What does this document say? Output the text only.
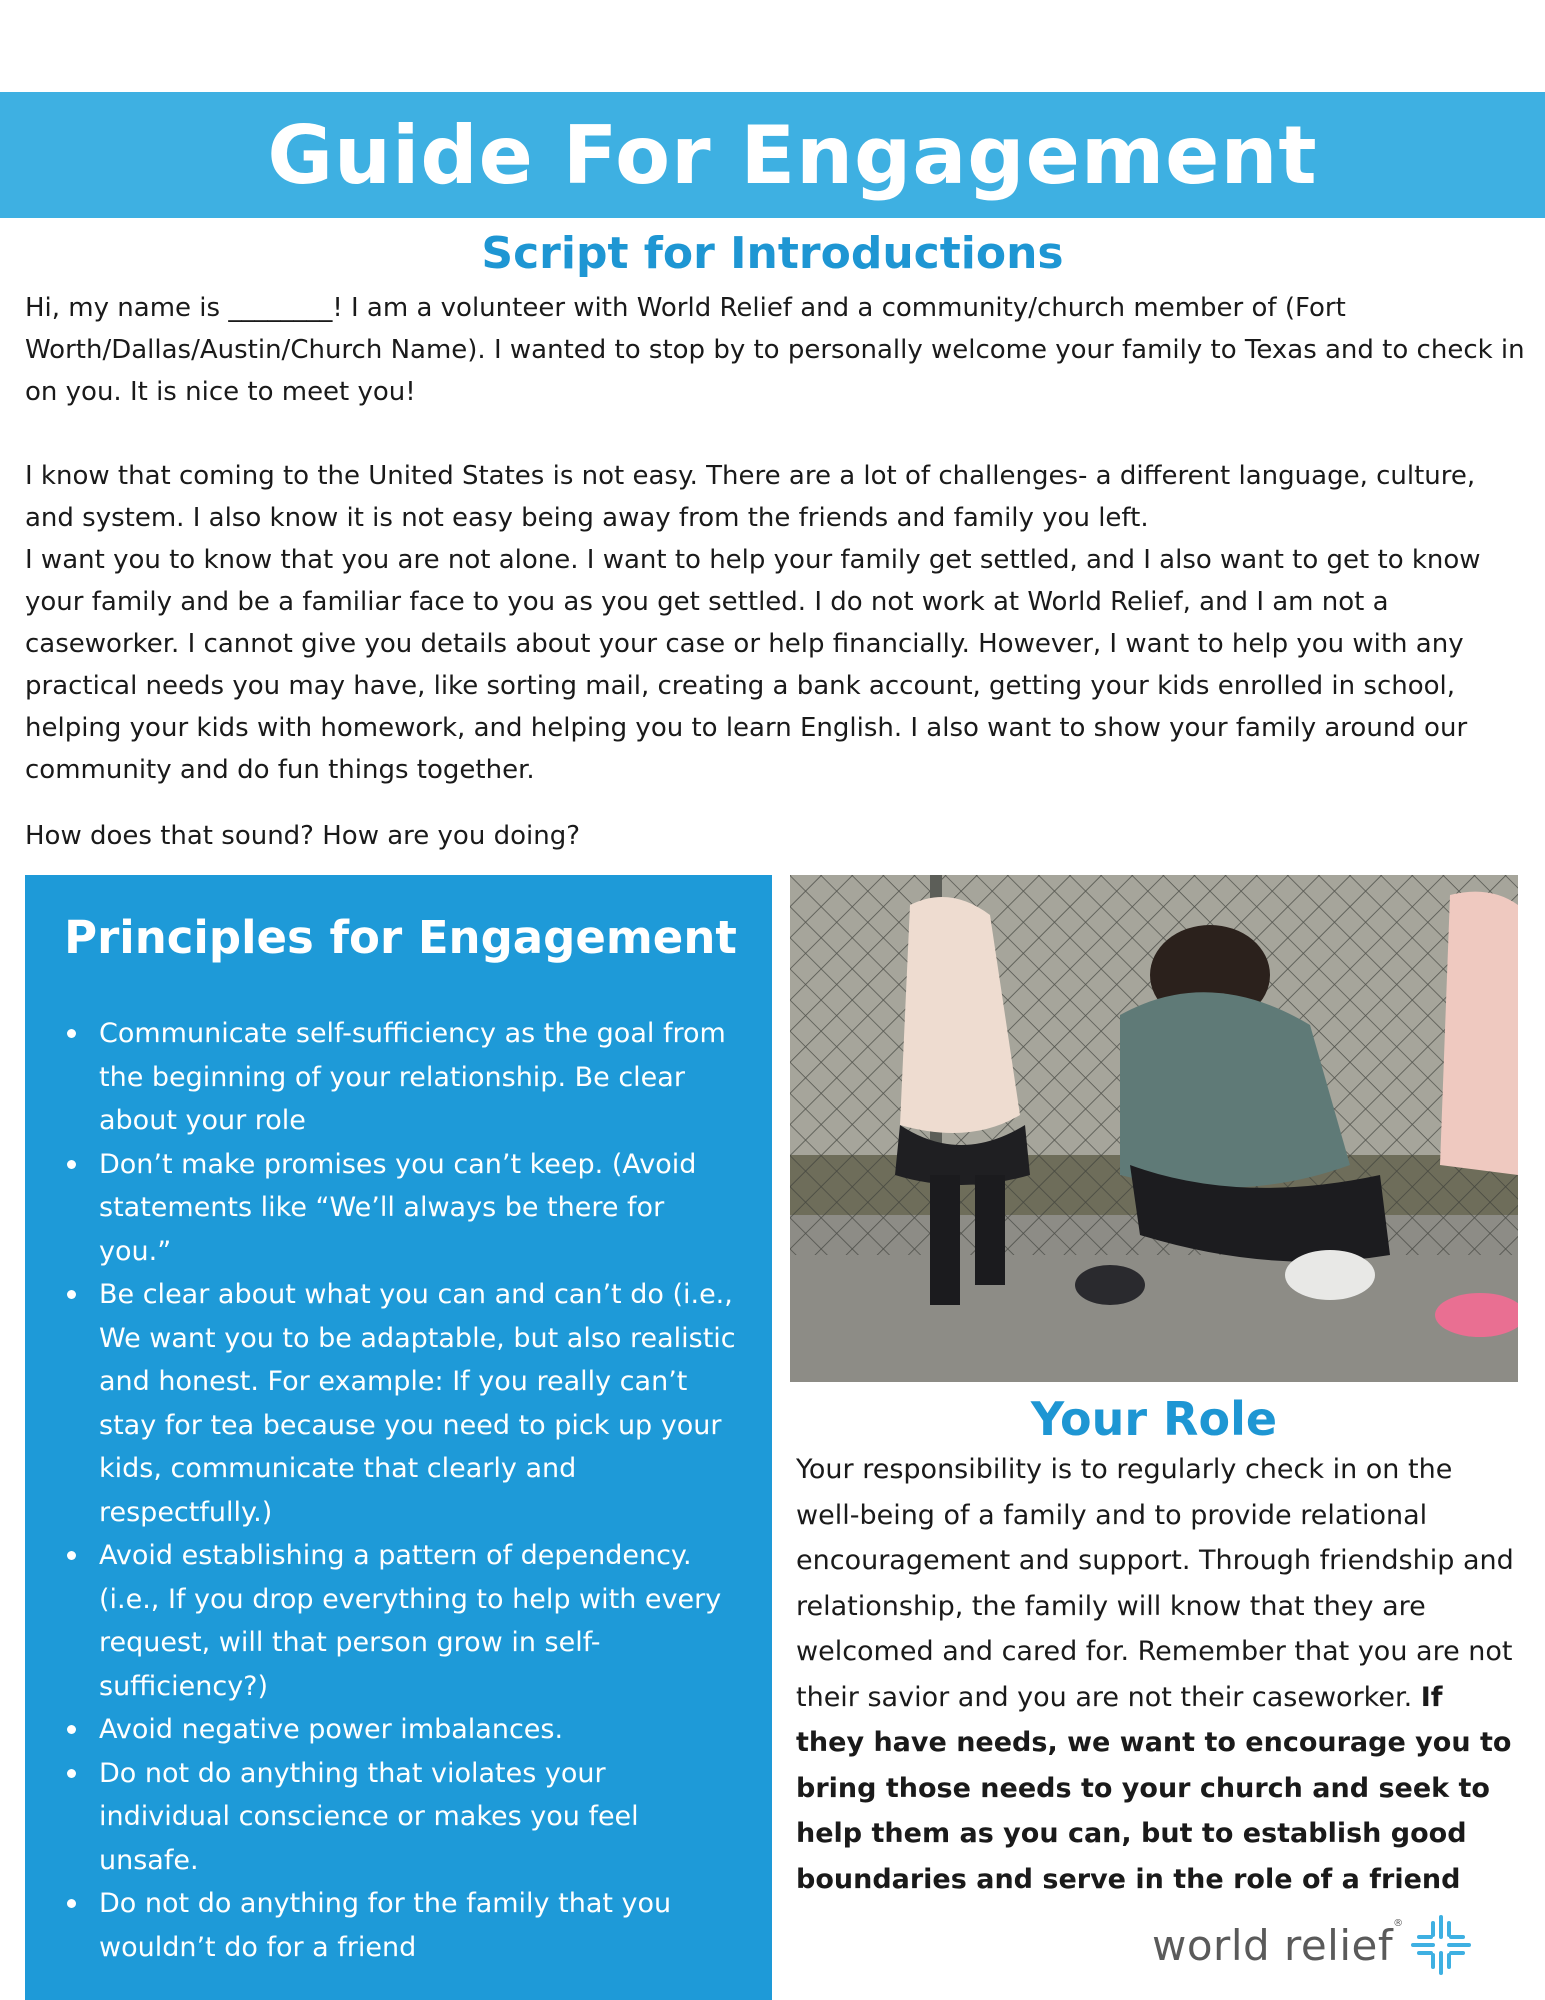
Guide For Engagement
Script for Introductions

Hi, my name is ________! I am a volunteer with World Relief and a community/church member of (Fort Worth/Dallas/Austin/Church Name). I wanted to stop by to personally welcome your family to Texas and to check in on you. It is nice to meet you!

I know that coming to the United States is not easy. There are a lot of challenges- a different language, culture, and system. I also know it is not easy being away from the friends and family you left.

I want you to know that you are not alone. I want to help your family get settled, and I also want to get to know your family and be a familiar face to you as you get settled. I do not work at World Relief, and I am not a caseworker. I cannot give you details about your case or help financially. However, I want to help you with any practical needs you may have, like sorting mail, creating a bank account, getting your kids enrolled in school, helping your kids with homework, and helping you to learn English. I also want to show your family around our community and do fun things together.

How does that sound? How are you doing?

Principles for Engagement
Communicate self-sufficiency as the goal from the beginning of your relationship. Be clear about your role
Don’t make promises you can’t keep. (Avoid statements like “We’ll always be there for you.”
Be clear about what you can and can’t do (i.e., We want you to be adaptable, but also realistic and honest. For example: If you really can’t stay for tea because you need to pick up your kids, communicate that clearly and respectfully.)
Avoid establishing a pattern of dependency. (i.e., If you drop everything to help with every request, will that person grow in self-sufficiency?)
Avoid negative power imbalances.
Do not do anything that violates your individual conscience or makes you feel unsafe.
Do not do anything for the family that you wouldn’t do for a friend
Your Role

Your responsibility is to regularly check in on the well-being of a family and to provide relational encouragement and support. Through friendship and relationship, the family will know that they are welcomed and cared for. Remember that you are not their savior and you are not their caseworker. If they have needs, we want to encourage you to bring those needs to your church and seek to help them as you can, but to establish good boundaries and serve in the role of a friend

world relief ®
